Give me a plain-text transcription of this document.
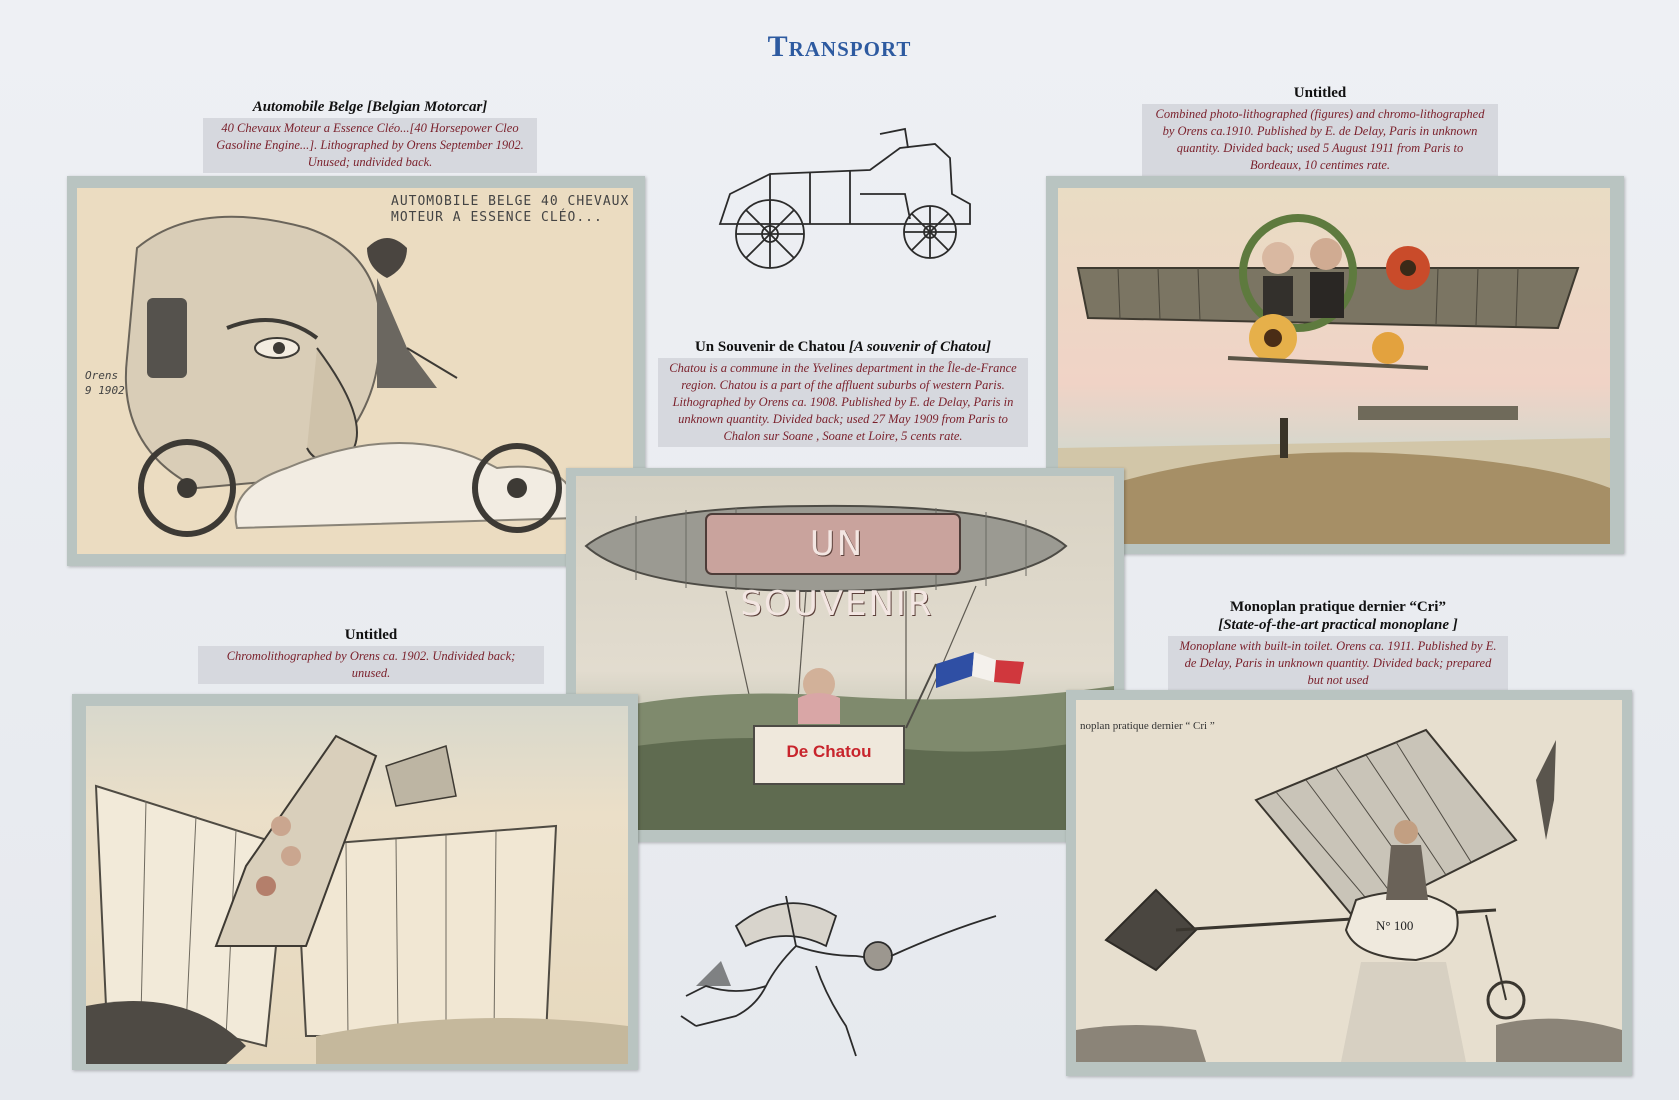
Transport
Automobile Belge [Belgian Motorcar]
40 Chevaux Moteur a Essence Cléo...[40 Horsepower Cleo Gasoline Engine...]. Lithographed by Orens September 1902. Unused; undivided back.
Untitled
Combined photo-lithographed (figures) and chromo-lithographed by Orens ca.1910. Published by E. de Delay, Paris in unknown quantity. Divided back; used 5 August 1911 from Paris to Bordeaux, 10 centimes rate.
Un Souvenir de Chatou [A souvenir of Chatou]
Chatou is a commune in the Yvelines department in the Île-de-France region. Chatou is a part of the affluent suburbs of western Paris. Lithographed by Orens ca. 1908. Published by E. de Delay, Paris in unknown quantity. Divided back; used 27 May 1909 from Paris to Chalon sur Soane , Soane et Loire, 5 cents rate.
Untitled
Chromolithographed by Orens ca. 1902. Undivided back; unused.
Monoplan pratique dernier “Cri”
[State-of-the-art practical monoplane ]
Monoplane with built-in toilet. Orens ca. 1911. Published by E. de Delay, Paris in unknown quantity. Divided back; prepared but not used
AUTOMOBILE BELGE 40 CHEVAUX
MOTEUR A ESSENCE CLÉO...
Orens 9 1902
UN SOUVENIR
De Chatou
noplan pratique dernier “ Cri ”
N° 100
